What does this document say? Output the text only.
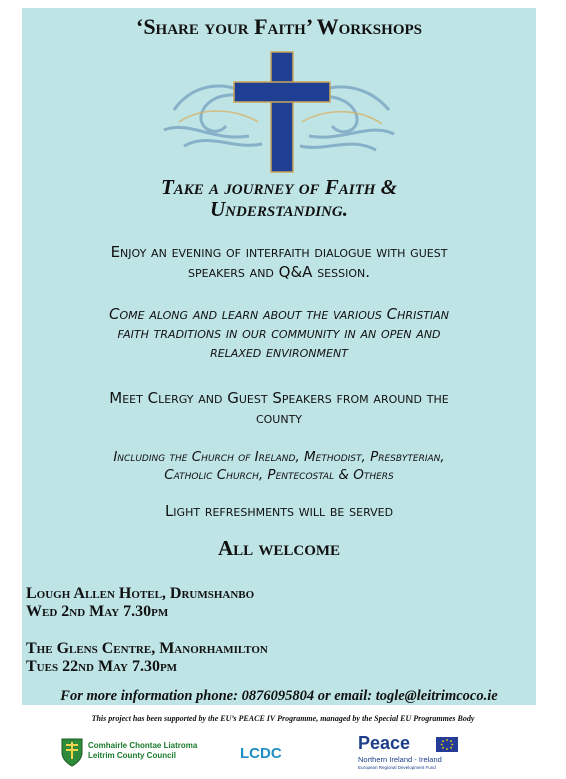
‘Share your Faith’ Workshops
Take a journey of Faith &
Understanding.
Enjoy an evening of interfaith dialogue with guest
speakers and Q&A session.
Come along and learn about the various Christian
faith traditions in our community in an open and
relaxed environment
Meet Clergy and Guest Speakers from around the
county
Including the Church of Ireland, Methodist, Presbyterian,
Catholic Church, Pentecostal & Others
Light refreshments will be served
All welcome
Lough Allen Hotel, Drumshanbo
Wed 2nd May 7.30pm
The Glens Centre, Manorhamilton
Tues 22nd May 7.30pm
For more information phone: 0876095804 or email: togle@leitrimcoco.ie
This project has been supported by the EU’s PEACE IV Programme, managed by the Special EU Programmes Body
Comhairle Chontae Liatroma
Leitrim County Council	LCDC
Peace
Northern Ireland - Ireland
European Regional Development Fund
